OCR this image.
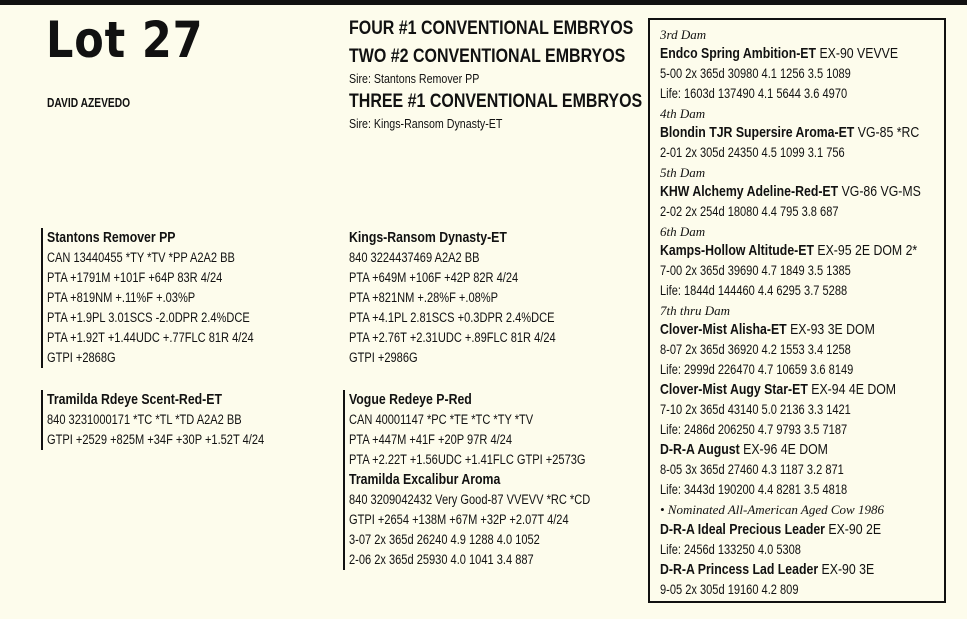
Lot 27
DAVID AZEVEDO
FOUR #1 CONVENTIONAL EMBRYOS
TWO #2 CONVENTIONAL EMBRYOS
Sire: Stantons Remover PP
THREE #1 CONVENTIONAL EMBRYOS
Sire: Kings-Ransom Dynasty-ET
Stantons Remover PP
CAN 13440455 *TY *TV *PP A2A2 BB
PTA +1791M +101F +64P 83R 4/24
PTA +819NM +.11%F +.03%P
PTA +1.9PL 3.01SCS -2.0DPR 2.4%DCE
PTA +1.92T +1.44UDC +.77FLC 81R 4/24
GTPI +2868G
Tramilda Rdeye Scent-Red-ET
840 3231000171 *TC *TL *TD A2A2 BB
GTPI +2529 +825M +34F +30P +1.52T 4/24
Kings-Ransom Dynasty-ET
840 3224437469 A2A2 BB
PTA +649M +106F +42P 82R 4/24
PTA +821NM +.28%F +.08%P
PTA +4.1PL 2.81SCS +0.3DPR 2.4%DCE
PTA +2.76T +2.31UDC +.89FLC 81R 4/24
GTPI +2986G
Vogue Redeye P-Red
CAN 40001147 *PC *TE *TC *TY *TV
PTA +447M +41F +20P 97R 4/24
PTA +2.22T +1.56UDC +1.41FLC GTPI +2573G
Tramilda Excalibur Aroma
840 3209042432 Very Good-87 VVEVV *RC *CD
GTPI +2654 +138M +67M +32P +2.07T 4/24
3-07 2x 365d 26240 4.9 1288 4.0 1052
2-06 2x 365d 25930 4.0 1041 3.4 887
3rd Dam
Endco Spring Ambition-ET EX-90 VEVVE
5-00 2x 365d 30980 4.1 1256 3.5 1089
Life: 1603d 137490 4.1 5644 3.6 4970
4th Dam
Blondin TJR Supersire Aroma-ET VG-85 *RC
2-01 2x 305d 24350 4.5 1099 3.1 756
5th Dam
KHW Alchemy Adeline-Red-ET VG-86 VG-MS
2-02 2x 254d 18080 4.4 795 3.8 687
6th Dam
Kamps-Hollow Altitude-ET EX-95 2E DOM 2*
7-00 2x 365d 39690 4.7 1849 3.5 1385
Life: 1844d 144460 4.4 6295 3.7 5288
7th thru Dam
Clover-Mist Alisha-ET EX-93 3E DOM
8-07 2x 365d 36920 4.2 1553 3.4 1258
Life: 2999d 226470 4.7 10659 3.6 8149
Clover-Mist Augy Star-ET EX-94 4E DOM
7-10 2x 365d 43140 5.0 2136 3.3 1421
Life: 2486d 206250 4.7 9793 3.5 7187
D-R-A August EX-96 4E DOM
8-05 3x 365d 27460 4.3 1187 3.2 871
Life: 3443d 190200 4.4 8281 3.5 4818
• Nominated All-American Aged Cow 1986
D-R-A Ideal Precious Leader EX-90 2E
Life: 2456d 133250 4.0 5308
D-R-A Princess Lad Leader EX-90 3E
9-05 2x 305d 19160 4.2 809
